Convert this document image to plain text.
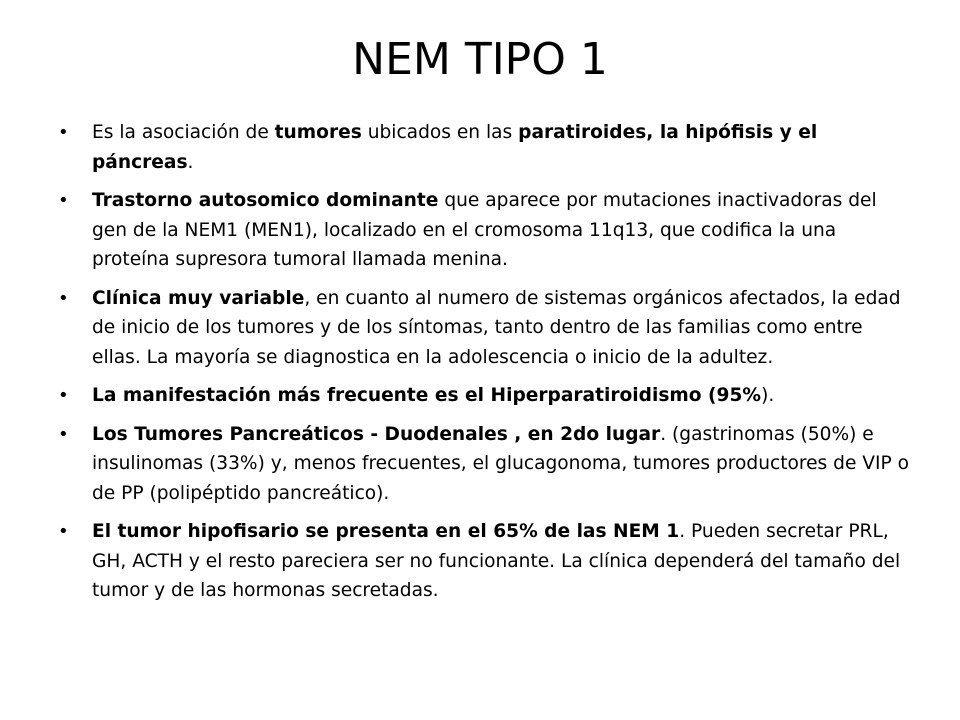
NEM TIPO 1
• Es la asociación de tumores ubicados en las paratiroides, la hipófisis y el páncreas.
• Trastorno autosomico dominante que aparece por mutaciones inactivadoras del gen de la NEM1 (MEN1), localizado en el cromosoma 11q13, que codifica la una proteína supresora tumoral llamada menina.
• Clínica muy variable, en cuanto al numero de sistemas orgánicos afectados, la edad de inicio de los tumores y de los síntomas, tanto dentro de las familias como entre ellas. La mayoría se diagnostica en la adolescencia o inicio de la adultez.
• La manifestación más frecuente es el Hiperparatiroidismo (95%).
• Los Tumores Pancreáticos - Duodenales , en 2do lugar. (gastrinomas (50%) e insulinomas (33%) y, menos frecuentes, el glucagonoma, tumores productores de VIP o de PP (polipéptido pancreático).
• El tumor hipofisario se presenta en el 65% de las NEM 1. Pueden secretar PRL, GH, ACTH y el resto pareciera ser no funcionante. La clínica dependerá del tamaño del tumor y de las hormonas secretadas.
